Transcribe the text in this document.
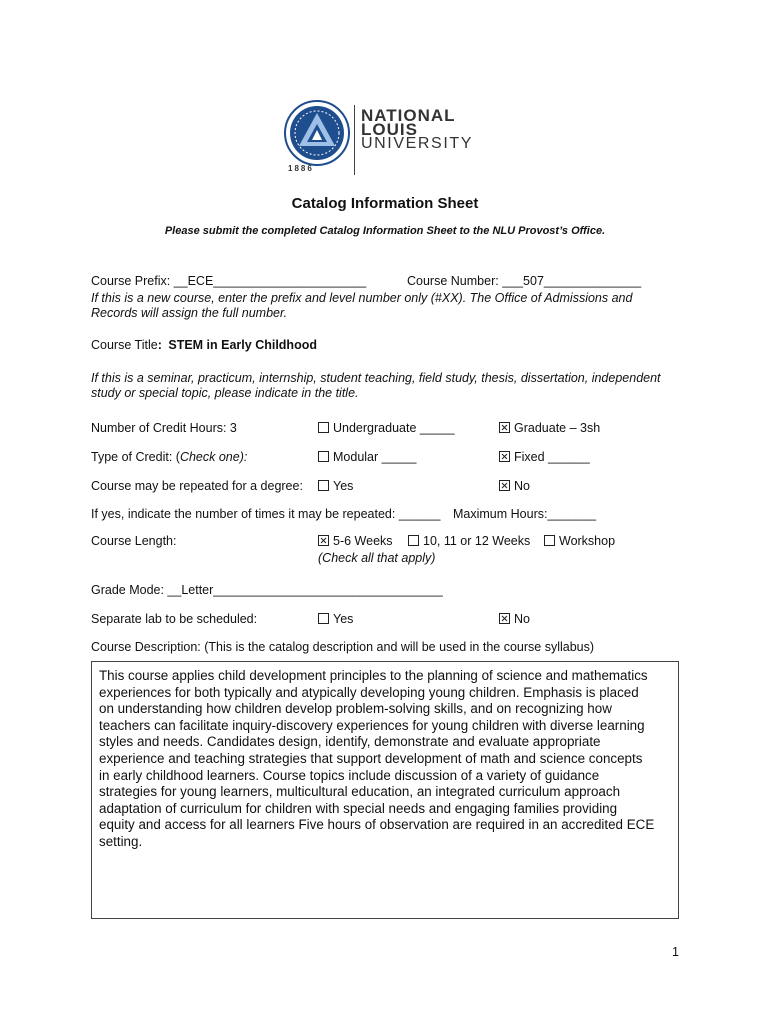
1886
NATIONAL
LOUIS
UNIVERSITY
Catalog Information Sheet
Please submit the completed Catalog Information Sheet to the NLU Provost’s Office.
Course Prefix: __ECE______________________	Course Number: ___507______________
If this is a new course, enter the prefix and level number only (#XX). The Office of Admissions and
Records will assign the full number.
Course Title: STEM in Early Childhood
If this is a seminar, practicum, internship, student teaching, field study, thesis, dissertation, independent
study or special topic, please indicate in the title.
Number of Credit Hours: 3	Undergraduate _____	Graduate – 3sh
Type of Credit: (Check one):	Modular _____	Fixed ______
Course may be repeated for a degree:	Yes	No
If yes, indicate the number of times it may be repeated: ______ Maximum Hours:_______
Course Length:	5-6 Weeks	10, 11 or 12 Weeks	Workshop
(Check all that apply)
Grade Mode: __Letter_________________________________
Separate lab to be scheduled:	Yes	No
Course Description: (This is the catalog description and will be used in the course syllabus)
This course applies child development principles to the planning of science and mathematics
experiences for both typically and atypically developing young children. Emphasis is placed
on understanding how children develop problem-solving skills, and on recognizing how
teachers can facilitate inquiry-discovery experiences for young children with diverse learning
styles and needs. Candidates design, identify, demonstrate and evaluate appropriate
experience and teaching strategies that support development of math and science concepts
in early childhood learners. Course topics include discussion of a variety of guidance
strategies for young learners, multicultural education, an integrated curriculum approach
adaptation of curriculum for children with special needs and engaging families providing
equity and access for all learners Five hours of observation are required in an accredited ECE
setting.
1
